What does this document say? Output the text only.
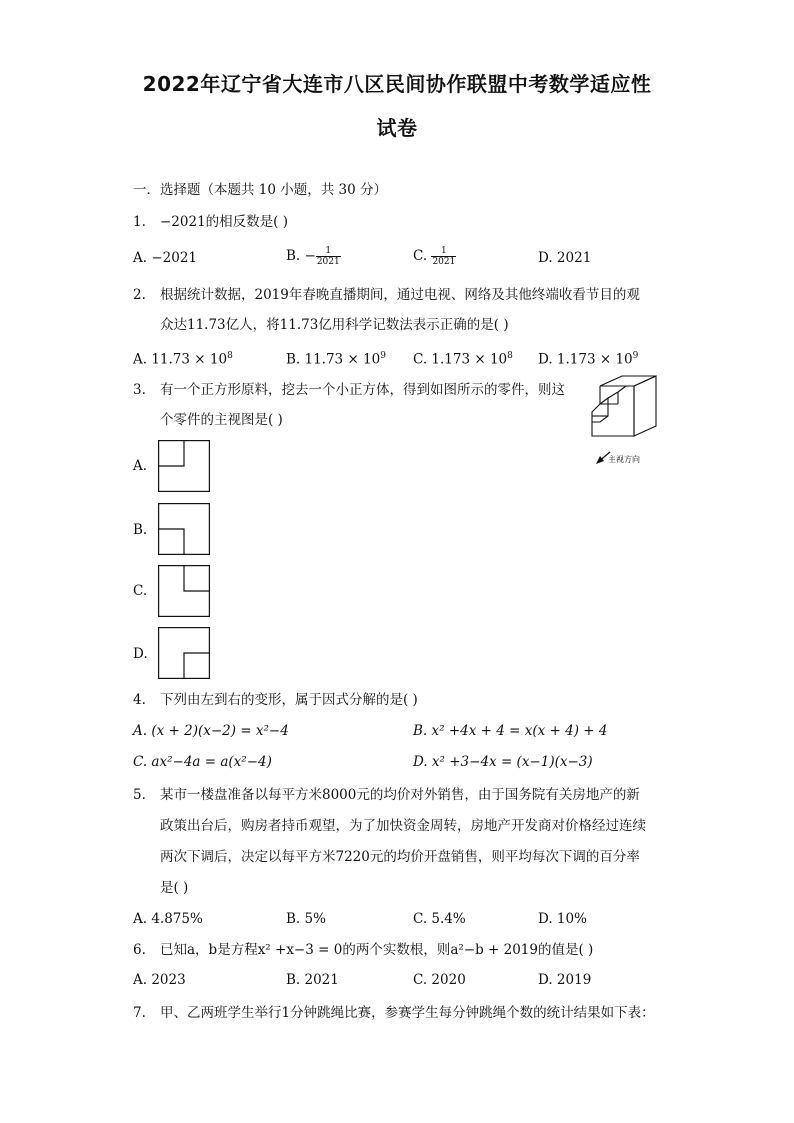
2022年辽宁省大连市八区民间协作联盟中考数学适应性
试卷
一．选择题（本题共 10 小题，共 30 分）
1. −2021的相反数是( )
A. −2021	B. − $\frac{1}{2021}$	C. $\frac{1}{2021}$	D. 2021
2. 根据统计数据，2019年春晚直播期间，通过电视、网络及其他终端收看节目的观
众达11.73亿人，将11.73亿用科学记数法表示正确的是( )
A. $11.73 \times 10^8$	B. $11.73 \times 10^9$ C. $1.173 \times 10^8$ D. $1.173 \times 10^9$
3. 有一个正方形原料，挖去一个小正方体，得到如图所示的零件，则这
个零件的主视图是( )
主视方向
A.
B.
C.
D.
4. 下列由左到右的变形，属于因式分解的是( )
A. (x + 2)(x−2) = x²−4	B. x² +4x + 4 = x(x + 4) + 4
C. ax²−4a = a(x²−4)	D. x² +3−4x = (x−1)(x−3)
5. 某市一楼盘准备以每平方米8000元的均价对外销售，由于国务院有关房地产的新
政策出台后，购房者持币观望，为了加快资金周转，房地产开发商对价格经过连续
两次下调后，决定以每平方米7220元的均价开盘销售，则平均每次下调的百分率
是( )
A. 4.875%	B. 5%	C. 5.4%	D. 10%
6. 已知a，b是方程x² +x−3 = 0的两个实数根，则a²−b + 2019的值是( )
A. 2023	B. 2021	C. 2020	D. 2019
7. 甲、乙两班学生举行1分钟跳绳比赛，参赛学生每分钟跳绳个数的统计结果如下表：
